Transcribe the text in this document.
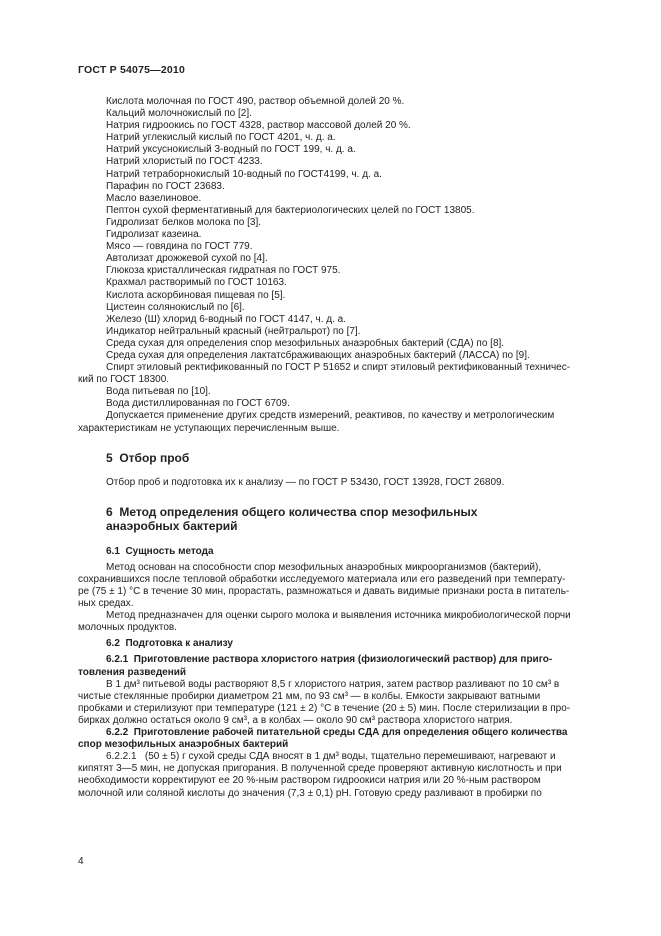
ГОСТ Р 54075—2010
Кислота молочная по ГОСТ 490, раствор объемной долей 20 %.
Кальций молочнокислый по [2].
Натрия гидроокись по ГОСТ 4328, раствор массовой долей 20 %.
Натрий углекислый кислый по ГОСТ 4201, ч. д. а.
Натрий уксуснокислый 3-водный по ГОСТ 199, ч. д. а.
Натрий хлористый по ГОСТ 4233.
Натрий тетраборнокислый 10-водный по ГОСТ4199, ч. д. а.
Парафин по ГОСТ 23683.
Масло вазелиновое.
Пептон сухой ферментативный для бактериологических целей по ГОСТ 13805.
Гидролизат белков молока по [3].
Гидролизат казеина.
Мясо — говядина по ГОСТ 779.
Автолизат дрожжевой сухой по [4].
Глюкоза кристаллическая гидратная по ГОСТ 975.
Крахмал растворимый по ГОСТ 10163.
Кислота аскорбиновая пищевая по [5].
Цистеин солянокислый по [6].
Железо (Ш) хлорид 6-водный по ГОСТ 4147, ч. д. а.
Индикатор нейтральный красный (нейтральрот) по [7].
Среда сухая для определения спор мезофильных анаэробных бактерий (СДА) по [8].
Среда сухая для определения лактатсбраживающих анаэробных бактерий (ЛАССА) по [9].
Спирт этиловый ректификованный по ГОСТ Р 51652 и спирт этиловый ректификованный техничес-
кий по ГОСТ 18300.
Вода питьевая по [10].
Вода дистиллированная по ГОСТ 6709.
Допускается применение других средств измерений, реактивов, по качеству и метрологическим
характеристикам не уступающих перечисленным выше.
5  Отбор проб
Отбор проб и подготовка их к анализу — по ГОСТ Р 53430, ГОСТ 13928, ГОСТ 26809.
6  Метод определения общего количества спор мезофильных
анаэробных бактерий
6.1  Сущность метода
Метод основан на способности спор мезофильных анаэробных микроорганизмов (бактерий),
сохранившихся после тепловой обработки исследуемого материала или его разведений при температу-
ре (75 ± 1) °С в течение 30 мин, прорастать, размножаться и давать видимые признаки роста в питатель-
ных средах.
Метод предназначен для оценки сырого молока и выявления источника микробиологической порчи
молочных продуктов.
6.2  Подготовка к анализу
6.2.1  Приготовление раствора хлористого натрия (физиологический раствор) для приго-
товления разведений
В 1 дм³ питьевой воды растворяют 8,5 г хлористого натрия, затем раствор разливают по 10 см³ в
чистые стеклянные пробирки диаметром 21 мм, по 93 см³ — в колбы. Емкости закрывают ватными
пробками и стерилизуют при температуре (121 ± 2) °С в течение (20 ± 5) мин. После стерилизации в про-
бирках должно остаться около 9 см³, а в колбах — около 90 см³ раствора хлористого натрия.
6.2.2  Приготовление рабочей питательной среды СДА для определения общего количества
спор мезофильных анаэробных бактерий
6.2.2.1   (50 ± 5) г сухой среды СДА вносят в 1 дм³ воды, тщательно перемешивают, нагревают и
кипятят 3—5 мин, не допуская пригорания. В полученной среде проверяют активную кислотность и при
необходимости корректируют ее 20 %-ным раствором гидроокиси натрия или 20 %-ным раствором
молочной или соляной кислоты до значения (7,3 ± 0,1) рН. Готовую среду разливают в пробирки по
4
